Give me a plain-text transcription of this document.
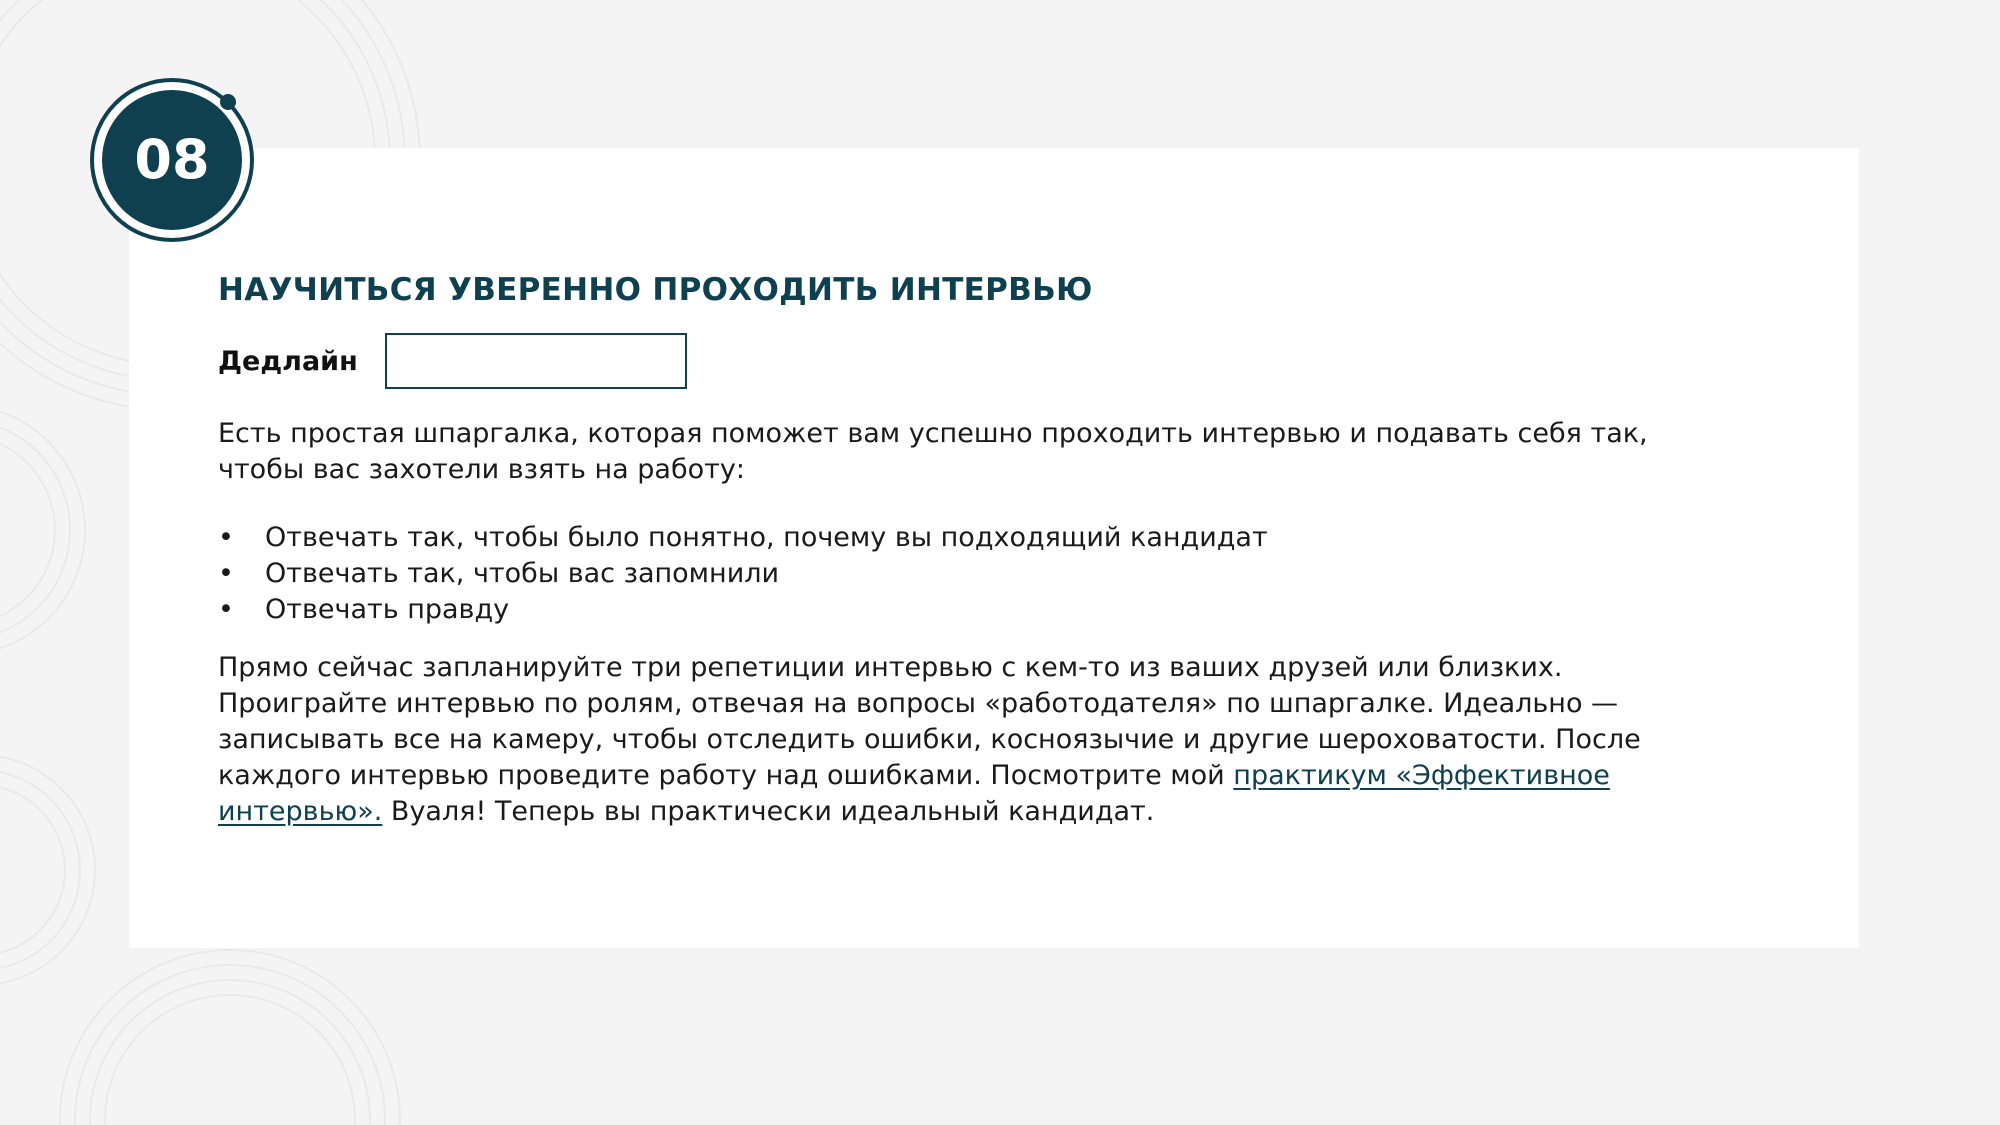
08
НАУЧИТЬСЯ УВЕРЕННО ПРОХОДИТЬ ИНТЕРВЬЮ
Дедлайн

Есть простая шпаргалка, которая поможет вам успешно проходить интервью и подавать себя так, чтобы вас захотели взять на работу:

• Отвечать так, чтобы было понятно, почему вы подходящий кандидат
• Отвечать так, чтобы вас запомнили
• Отвечать правду

Прямо сейчас запланируйте три репетиции интервью с кем-то из ваших друзей или близких. Проиграйте интервью по ролям, отвечая на вопросы «работодателя» по шпаргалке. Идеально — записывать все на камеру, чтобы отследить ошибки, косноязычие и другие шероховатости. После каждого интервью проведите работу над ошибками. Посмотрите мой практикум «Эффективное интервью». Вуаля! Теперь вы практически идеальный кандидат.
